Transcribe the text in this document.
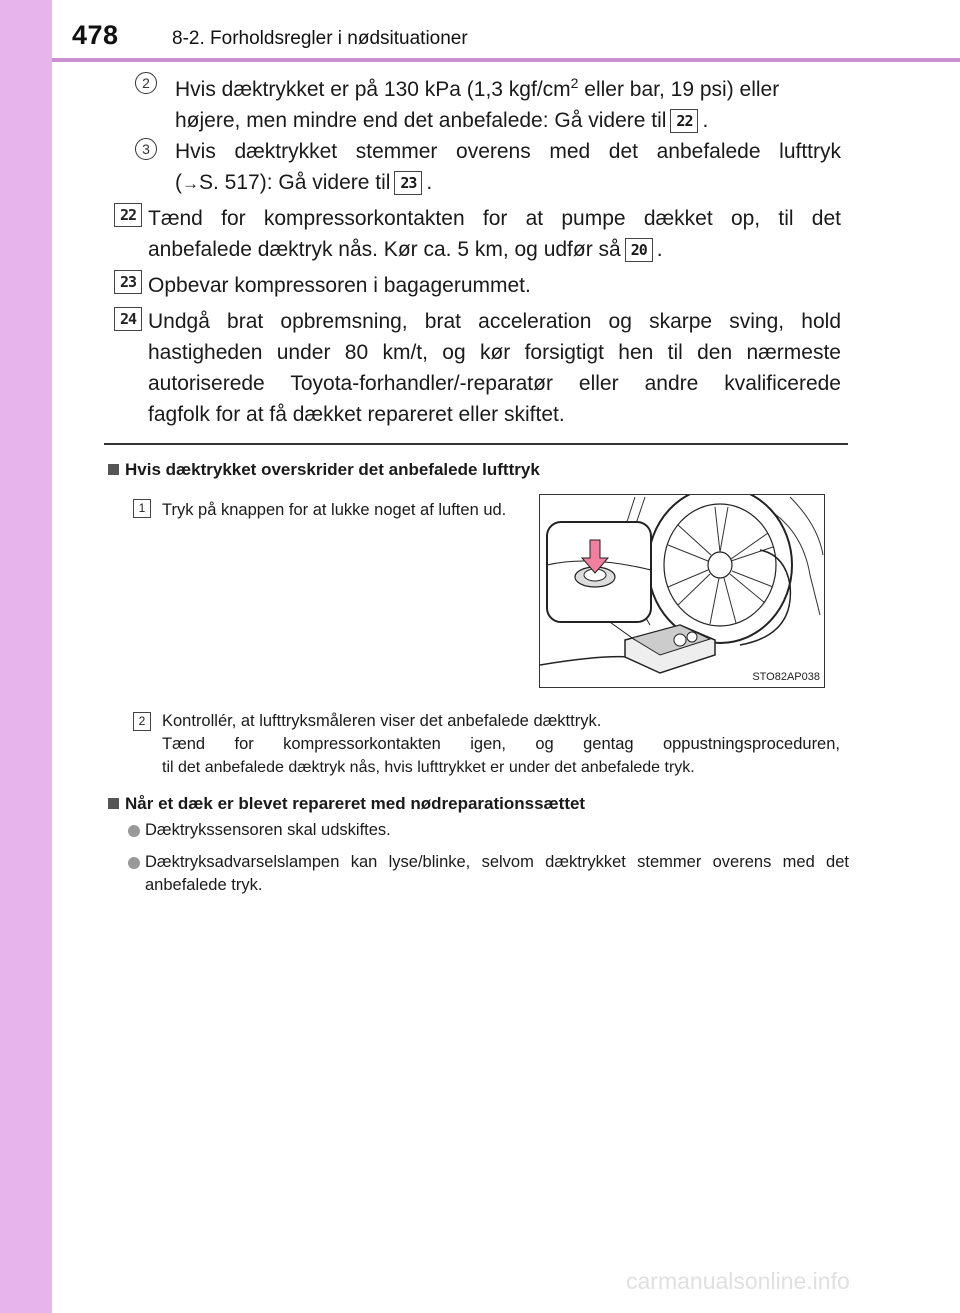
478	8-2. Forholdsregler i nødsituationer
2	Hvis dæktrykket er på 130 kPa (1,3 kgf/$cm^2$ eller bar, 19 psi) eller
højere, men mindre end det anbefalede: Gå videre til 22 .
3	Hvis dæktrykket stemmer overens med det anbefalede lufttryk
(→S. 517): Gå videre til 23 .
22 Tænd for kompressorkontakten for at pumpe dækket op, til det
anbefalede dæktryk nås. Kør ca. 5 km, og udfør så 20 .
23 Opbevar kompressoren i bagagerummet.
24 Undgå brat opbremsning, brat acceleration og skarpe sving, hold
hastigheden under 80 km/t, og kør forsigtigt hen til den nærmeste
autoriserede Toyota-forhandler/-reparatør eller andre kvalificerede
fagfolk for at få dækket repareret eller skiftet.
Hvis dæktrykket overskrider det anbefalede lufttryk
1	Tryk på knappen for at lukke noget af luften ud.
STO82AP038
2	Kontrollér, at lufttryksmåleren viser det anbefalede dækttryk.
Tænd for kompressorkontakten igen, og gentag oppustningsproceduren,
til det anbefalede dæktryk nås, hvis lufttrykket er under det anbefalede tryk.
Når et dæk er blevet repareret med nødreparationssættet
Dæktrykssensoren skal udskiftes.
Dæktryksadvarselslampen kan lyse/blinke, selvom dæktrykket stemmer overens med det anbefalede tryk.
carmanualsonline.info
